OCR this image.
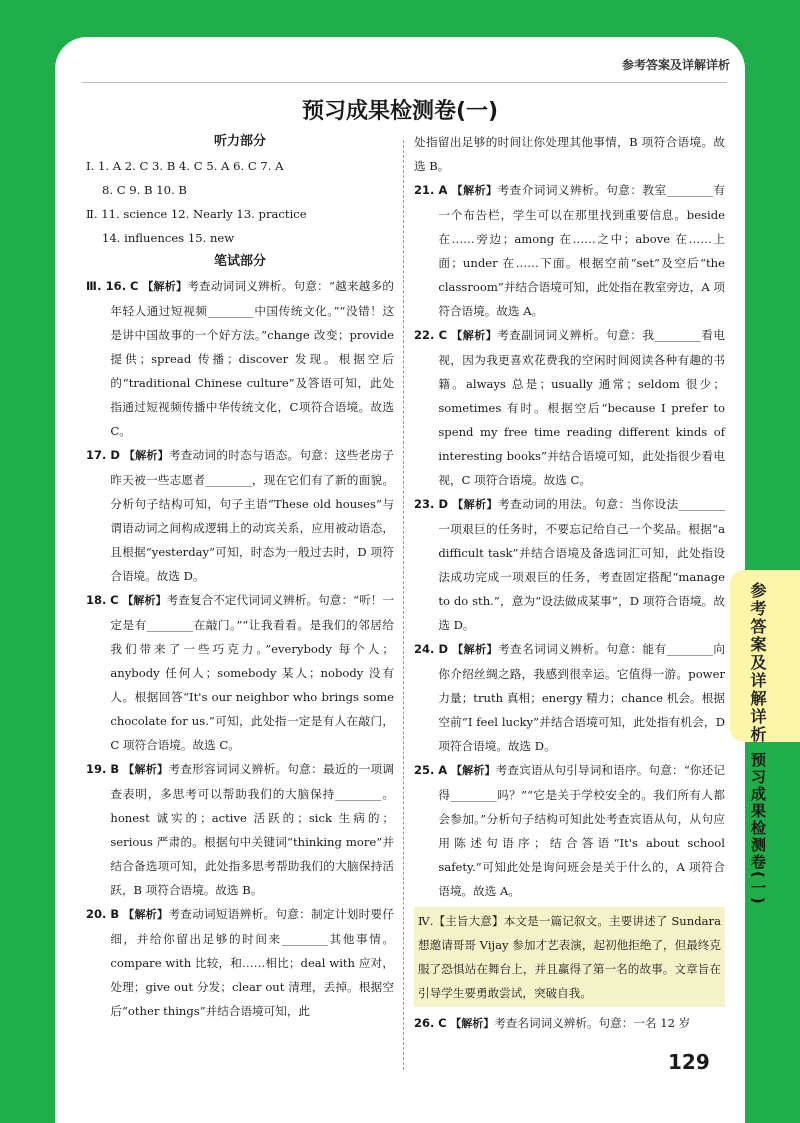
参考答案及详解详析
预习成果检测卷(一)
听力部分
Ⅰ. 1. A 2. C 3. B 4. C 5. A 6. C 7. A
8. C 9. B 10. B
Ⅱ. 11. science 12. Nearly 13. practice
14. influences 15. new
笔试部分

Ⅲ. 16. C 【解析】考查动词词义辨析。句意：“越来越多的年轻人通过短视频________中国传统文化。”“没错！这是讲中国故事的一个好方法。”change 改变；provide 提供；spread 传播；discover 发现。根据空后的“traditional Chinese culture”及答语可知，此处指通过短视频传播中华传统文化，C项符合语境。故选 C。

17. D 【解析】考查动词的时态与语态。句意：这些老房子昨天被一些志愿者________，现在它们有了新的面貌。分析句子结构可知，句子主语“These old houses”与谓语动词之间构成逻辑上的动宾关系，应用被动语态，且根据“yesterday”可知，时态为一般过去时，D 项符合语境。故选 D。

18. C 【解析】考查复合不定代词词义辨析。句意：“听！一定是有________在敲门。”“让我看看。是我们的邻居给我们带来了一些巧克力。”everybody 每个人；anybody 任何人；somebody 某人；nobody 没有人。根据回答“It's our neighbor who brings some chocolate for us.”可知，此处指一定是有人在敲门，C 项符合语境。故选 C。

19. B 【解析】考查形容词词义辨析。句意：最近的一项调查表明，多思考可以帮助我们的大脑保持________。honest 诚实的；active 活跃的；sick 生病的；serious 严肃的。根据句中关键词“thinking more”并结合备选项可知，此处指多思考帮助我们的大脑保持活跃，B 项符合语境。故选 B。

20. B 【解析】考查动词短语辨析。句意：制定计划时要仔细，并给你留出足够的时间来________其他事情。compare with 比较，和……相比；deal with 应对，处理；give out 分发；clear out 清理，丢掉。根据空后“other things”并结合语境可知，此

处指留出足够的时间让你处理其他事情，B 项符合语境。故选 B。

21. A 【解析】考查介词词义辨析。句意：教室________有一个布告栏，学生可以在那里找到重要信息。beside 在……旁边；among 在……之中；above 在……上面；under 在……下面。根据空前“set”及空后“the classroom”并结合语境可知，此处指在教室旁边，A 项符合语境。故选 A。

22. C 【解析】考查副词词义辨析。句意：我________看电视，因为我更喜欢花费我的空闲时间阅读各种有趣的书籍。always 总是；usually 通常；seldom 很少；sometimes 有时。根据空后“because I prefer to spend my free time reading different kinds of interesting books”并结合语境可知，此处指很少看电视，C 项符合语境。故选 C。

23. D 【解析】考查动词的用法。句意：当你设法________一项艰巨的任务时，不要忘记给自己一个奖品。根据“a difficult task”并结合语境及备选词汇可知，此处指设法成功完成一项艰巨的任务，考查固定搭配“manage to do sth.”，意为“设法做成某事”，D 项符合语境。故选 D。

24. D 【解析】考查名词词义辨析。句意：能有________向你介绍丝绸之路，我感到很幸运。它值得一游。power 力量；truth 真相；energy 精力；chance 机会。根据空前“I feel lucky”并结合语境可知，此处指有机会，D 项符合语境。故选 D。

25. A 【解析】考查宾语从句引导词和语序。句意：“你还记得________吗？”“它是关于学校安全的。我们所有人都会参加。”分析句子结构可知此处考查宾语从句，从句应用陈述句语序；结合答语“It's about school safety.”可知此处是询问班会是关于什么的，A 项符合语境。故选 A。

Ⅳ.【主旨大意】本文是一篇记叙文。主要讲述了 Sundara 想邀请哥哥 Vijay 参加才艺表演，起初他拒绝了，但最终克服了恐惧站在舞台上，并且赢得了第一名的故事。文章旨在引导学生要勇敢尝试，突破自我。

26. C 【解析】考查名词词义辨析。句意：一名 12 岁

129
参考答案及详解详析
预习成果检测卷(一)
